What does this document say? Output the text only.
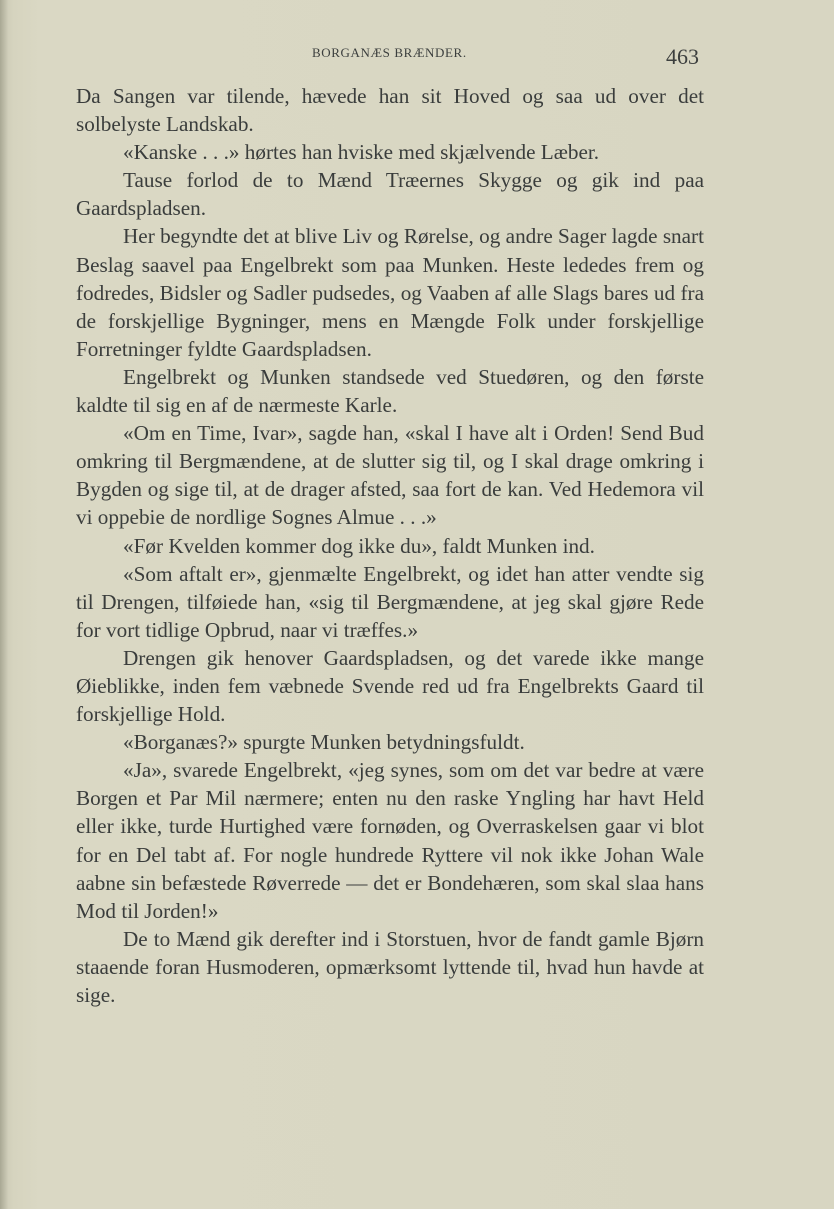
BORGANÆS BRÆNDER.	463

Da Sangen var tilende, hævede han sit Hoved og saa ud over det solbelyste Landskab.

«Kanske . . .» hørtes han hviske med skjælvende Læber.

Tause forlod de to Mænd Træernes Skygge og gik ind paa Gaardspladsen.

Her begyndte det at blive Liv og Rørelse, og andre Sager lagde snart Beslag saavel paa Engelbrekt som paa Munken. Heste lededes frem og fodredes, Bidsler og Sadler pudsedes, og Vaaben af alle Slags bares ud fra de forskjellige Bygninger, mens en Mængde Folk under forskjellige Forretninger fyldte Gaardspladsen.

Engelbrekt og Munken standsede ved Stuedøren, og den første kaldte til sig en af de nærmeste Karle.

«Om en Time, Ivar», sagde han, «skal I have alt i Orden! Send Bud omkring til Bergmændene, at de slutter sig til, og I skal drage omkring i Bygden og sige til, at de drager afsted, saa fort de kan. Ved Hedemora vil vi oppebie de nordlige Sognes Almue . . .»

«Før Kvelden kommer dog ikke du», faldt Munken ind.

«Som aftalt er», gjenmælte Engelbrekt, og idet han atter vendte sig til Drengen, tilføiede han, «sig til Bergmændene, at jeg skal gjøre Rede for vort tidlige Opbrud, naar vi træffes.»

Drengen gik henover Gaardspladsen, og det varede ikke mange Øieblikke, inden fem væbnede Svende red ud fra Engelbrekts Gaard til forskjellige Hold.

«Borganæs?» spurgte Munken betydningsfuldt.

«Ja», svarede Engelbrekt, «jeg synes, som om det var bedre at være Borgen et Par Mil nærmere; enten nu den raske Yngling har havt Held eller ikke, turde Hurtighed være fornøden, og Overraskelsen gaar vi blot for en Del tabt af. For nogle hundrede Ryttere vil nok ikke Johan Wale aabne sin befæstede Røverrede — det er Bondehæren, som skal slaa hans Mod til Jorden!»

De to Mænd gik derefter ind i Storstuen, hvor de fandt gamle Bjørn staaende foran Husmoderen, opmærksomt lyttende til, hvad hun havde at sige.
